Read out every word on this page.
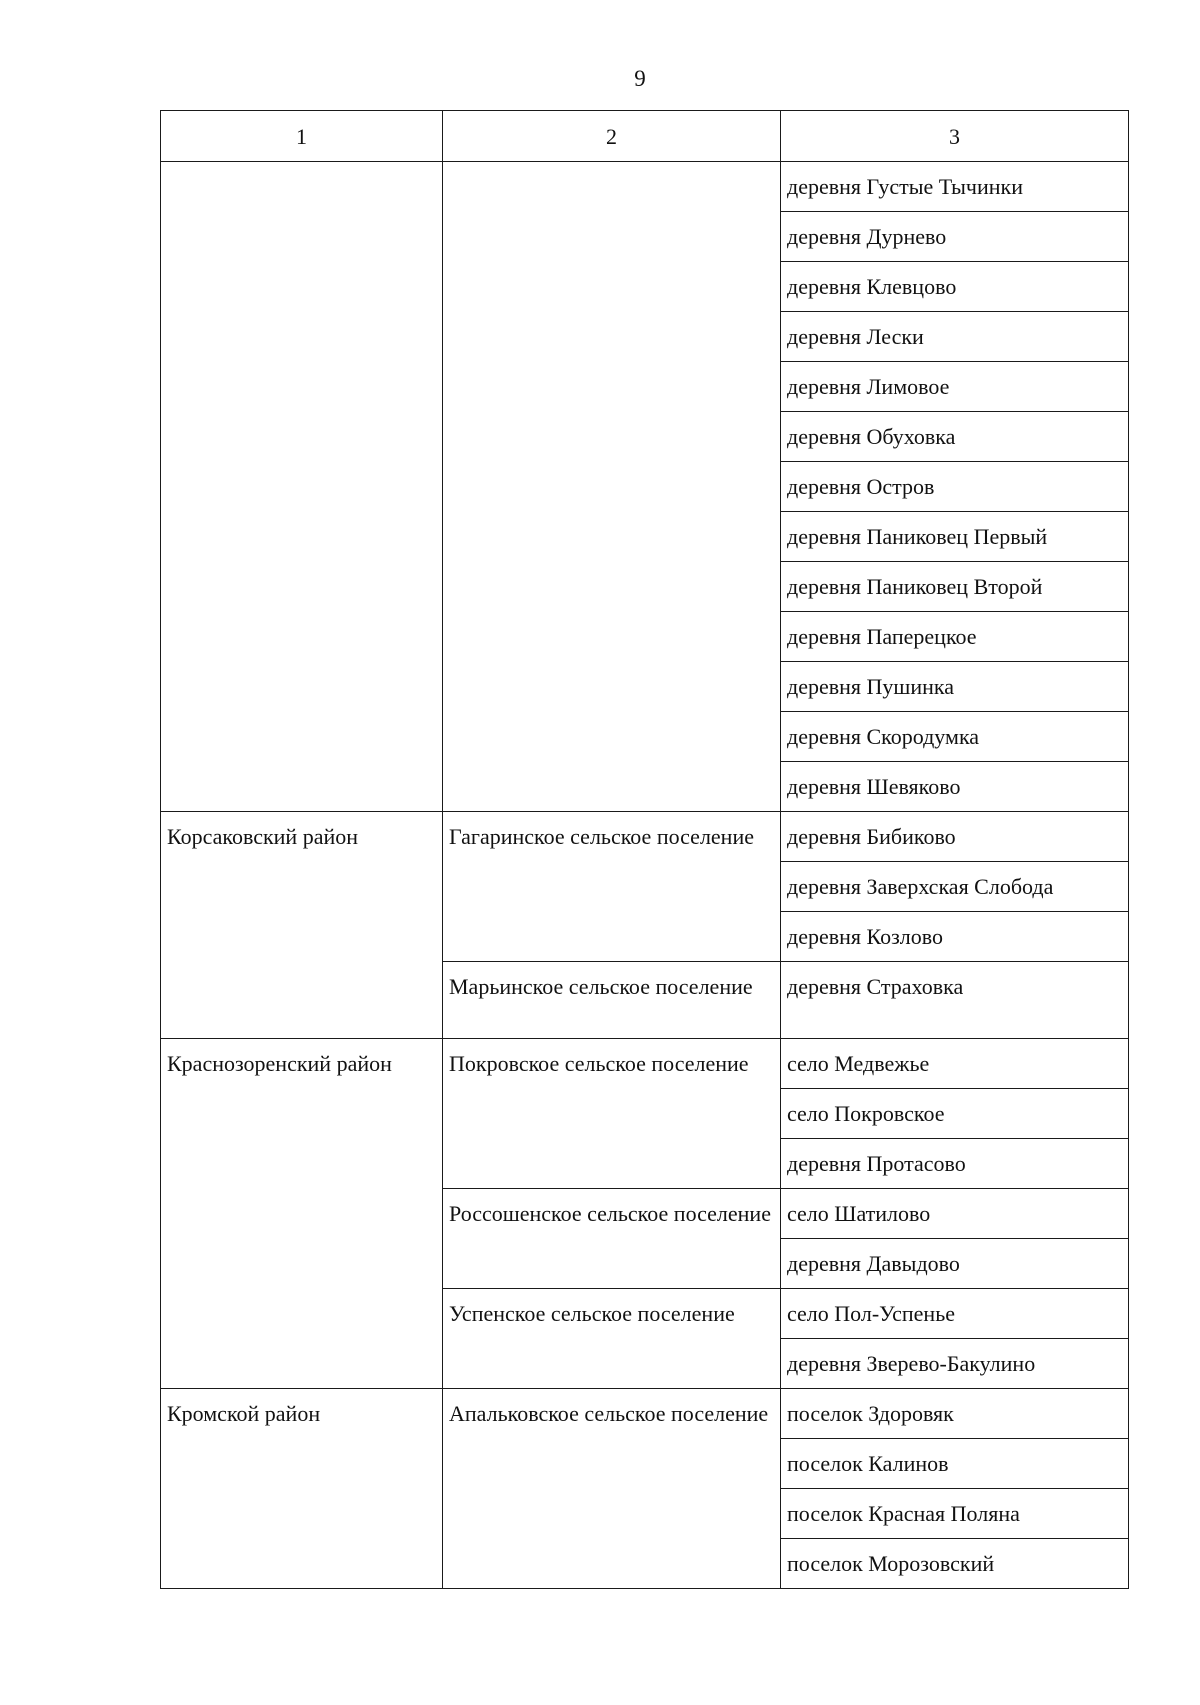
9
1	2	3
		деревня Густые Тычинки
		деревня Дурнево
		деревня Клевцово
		деревня Лески
		деревня Лимовое
		деревня Обуховка
		деревня Остров
		деревня Паниковец Первый
		деревня Паниковец Второй
		деревня Паперецкое
		деревня Пушинка
		деревня Скородумка
		деревня Шевяково
Корсаковский район	Гагаринское сельское поселение	деревня Бибиково
		деревня Заверхская Слобода
		деревня Козлово
	Марьинское сельское поселение	деревня Страховка
Краснозоренский район	Покровское сельское поселение	село Медвежье
		село Покровское
		деревня Протасово
	Россошенское сельское поселение	село Шатилово
		деревня Давыдово
	Успенское сельское поселение	село Пол-Успенье
		деревня Зверево-Бакулино
Кромской район	Апальковское сельское поселение	поселок Здоровяк
		поселок Калинов
		поселок Красная Поляна
		поселок Морозовский
